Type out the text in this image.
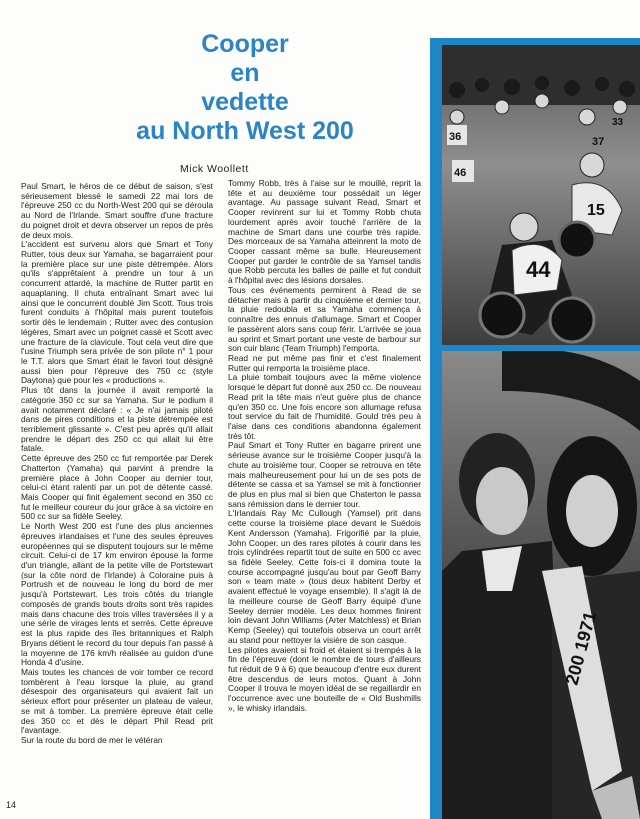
Cooper
en
vedette
au North West 200
Mick Woollett

Paul Smart, le héros de ce début de saison, s'est sérieusement blessé le samedi 22 mai lors de l'épreuve 250 cc du North-West 200 qui se déroula au Nord de l'Irlande. Smart souffre d'une fracture du poignet droit et devra observer un repos de près de deux mois.

L'accident est survenu alors que Smart et Tony Rutter, tous deux sur Yamaha, se bagarraient pour la première place sur une piste détrempée. Alors qu'ils s'apprêtaient à prendre un tour à un concurrent attardé, la machine de Rutter partit en aquaplaning. Il chuta entraînant Smart avec lui ainsi que le concurrent doublé Jim Scott. Tous trois furent conduits à l'hôpital mais purent toutefois sortir dès le lendemain ; Rutter avec des contusion légères, Smart avec un poignet cassé et Scott avec une fracture de la clavicule. Tout cela veut dire que l'usine Triumph sera privée de son pilote n° 1 pour le T.T. alors que Smart était le favori tout désigné aussi bien pour l'épreuve des 750 cc (style Daytona) que pour les « productions ».

Plus tôt dans la journée il avait remporté la catégorie 350 cc sur sa Yamaha. Sur le podium il avait notamment déclaré : « Je n'ai jamais piloté dans de pires conditions et la piste détrempée est terriblement glissante ». C'est peu après qu'il allait prendre le départ des 250 cc qui allait lui être fatale.

Cette épreuve des 250 cc fut remportée par Derek Chatterton (Yamaha) qui parvint à prendre la première place à John Cooper au dernier tour, celui-ci étant ralenti par un pot de détente cassé. Mais Cooper qui finit également second en 350 cc fut le meilleur coureur du jour grâce à sa victoire en 500 cc sur sa fidèle Seeley.

Le North West 200 est l'une des plus anciennes épreuves irlandaises et l'une des seules épreuves européennes qui se disputent toujours sur le même circuit. Celui-ci de 17 km environ épouse la forme d'un triangle, allant de la petite ville de Portstewart (sur la côte nord de l'Irlande) à Coloraine puis à Portrush et de nouveau le long du bord de mer jusqu'à Portstewart. Les trois côtés du triangle composés de grands bouts droits sont très rapides mais dans chacune des trois villes traversées il y a une série de virages lents et serrés. Cette épreuve est la plus rapide des îles britanniques et Ralph Bryans détient le record du tour depuis l'an passé à la moyenne de 176 km/h réalisée au guidon d'une Honda 4 d'usine.

Mais toutes les chances de voir tomber ce record tombèrent à l'eau lorsque la pluie, au grand désespoir des organisateurs qui avaient fait un sérieux effort pour présenter un plateau de valeur, se mit à tomber. La première épreuve était celle des 350 cc et dès le départ Phil Read prit l'avantage.

Sur la route du bord de mer le vétéran

Tommy Robb, très à l'aise sur le mouillé, reprit la tête et au deuxième tour possédait un léger avantage. Au passage suivant Read, Smart et Cooper revinrent sur lui et Tommy Robb chuta lourdement après avoir touché l'arrière de la machine de Smart dans une courbe très rapide. Des morceaux de sa Yamaha atteinrent la moto de Cooper cassant même sa bulle. Heureusement Cooper put garder le contrôle de sa Yamsel tandis que Robb percuta les balles de paille et fut conduit à l'hôpital avec des lésions dorsales.

Tous ces événements permirent à Read de se détacher mais à partir du cinquième et dernier tour, la pluie redoubla et sa Yamaha commença à connaître des ennuis d'allumage. Smart et Cooper le passèrent alors sans coup férir. L'arrivée se joua au sprint et Smart portant une veste de barbour sur son cuir blanc (Team Triumph) l'emporta.

Read ne put même pas finir et c'est finalement Rutter qui remporta la troisième place.

La pluie tombait toujours avec la même violence lorsque le départ fut donné aux 250 cc. De nouveau Read prit la tête mais n'eut guère plus de chance qu'en 350 cc. Une fois encore son allumage refusa tout service du fait de l'humidité. Gould très peu à l'aise dans ces conditions abandonna également très tôt.

Paul Smart et Tony Rutter en bagarre prirent une sérieuse avance sur le troisième Cooper jusqu'à la chute au troisième tour. Cooper se retrouva en tête mais malheureusement pour lui un de ses pots de détente se cassa et sa Yamsel se mit à fonctionner de plus en plus mal si bien que Chaterton le passa sans rémission dans le dernier tour.

L'Irlandais Ray Mc Cullough (Yamsel) prit dans cette course la troisième place devant le Suédois Kent Andersson (Yamaha). Frigorifié par la pluie, John Cooper, un des rares pilotes à courir dans les trois cylindrées repartit tout de suite en 500 cc avec sa fidèle Seeley. Cette fois-ci il domina toute la course accompagné jusqu'au bout par Geoff Barry son « team mate » (tous deux habitent Derby et avaient effectué le voyage ensemble). Il s'agit là de la meilleure course de Geoff Barry équipé d'une Seeley dernier modèle. Les deux hommes finirent loin devant John Williams (Arter Matchless) et Brian Kemp (Seeley) qui toutefois observa un court arrêt au stand pour nettoyer la visière de son casque.

Les pilotes avaient si froid et étaient si trempés à la fin de l'épreuve (dont le nombre de tours d'ailleurs fut réduit de 9 à 6) que beaucoup d'entre eux durent être descendus de leurs motos. Quant à John Cooper il trouva le moyen idéal de se regaillardir en l'occurrence avec une bouteille de « Old Bushmills », le whisky irlandais.

14
44
15
36	37
46
33
200 1971
